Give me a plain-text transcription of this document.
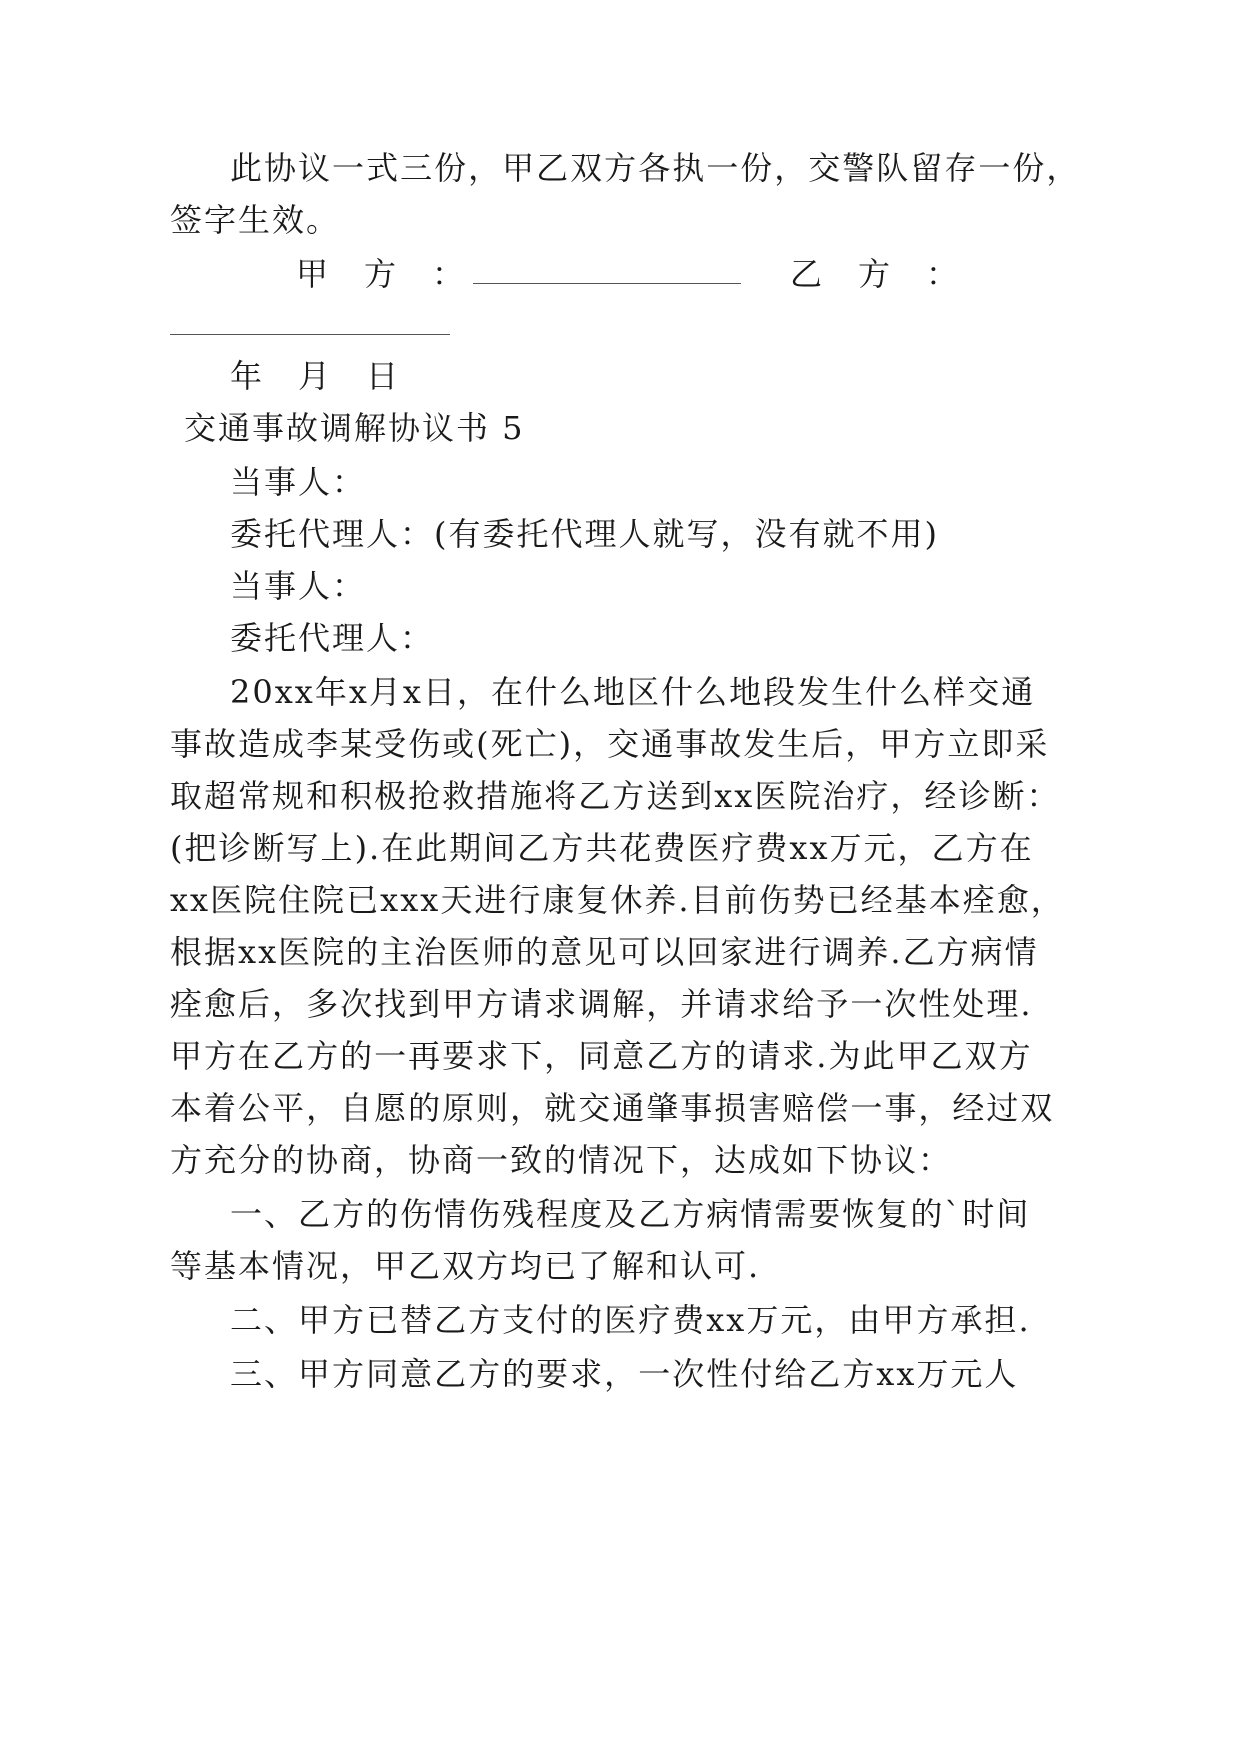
此 协 议 一 式 三 份 ， 甲 乙 双 方 各 执 一 份 ， 交 警 队 留 存 一 份 ，
签字生效。
甲　方　：	乙　方　：
年　月　日
交通事故调解协议书 5
当事人：
委托代理人：(有委托代理人就写，没有就不用)
当事人：
委托代理人：
20xx 年 x 月 x 日 ， 在 什 么 地 区 什 么 地 段 发 生 什 么 样 交 通
事 故 造 成 李 某 受 伤 或 ( 死 亡 ) ， 交 通 事 故 发 生 后 ， 甲 方 立 即 采
取 超 常 规 和 积 极 抢 救 措 施 将 乙 方 送 到 xx 医 院 治 疗 ， 经 诊 断 ：
( 把 诊 断 写 上 ) . 在 此 期 间 乙 方 共 花 费 医 疗 费 xx 万 元 ， 乙 方 在
xx 医 院 住 院 已 xxx 天 进 行 康 复 休 养 . 目 前 伤 势 已 经 基 本 痊 愈 ，
根 据 xx 医 院 的 主 治 医 师 的 意 见 可 以 回 家 进 行 调 养 . 乙 方 病 情
痊 愈 后 ， 多 次 找 到 甲 方 请 求 调 解 ， 并 请 求 给 予 一 次 性 处 理 .
甲 方 在 乙 方 的 一 再 要 求 下 ， 同 意 乙 方 的 请 求 . 为 此 甲 乙 双 方
本 着 公 平 ， 自 愿 的 原 则 ， 就 交 通 肇 事 损 害 赔 偿 一 事 ， 经 过 双
方充分的协商，协商一致的情况下，达成如下协议：
一 、 乙 方 的 伤 情 伤 残 程 度 及 乙 方 病 情 需 要 恢 复 的 ` 时 间
等基本情况，甲乙双方均已了解和认可.
二 、 甲 方 已 替 乙 方 支 付 的 医 疗 费 xx 万 元 ， 由 甲 方 承 担 .
三 、 甲 方 同 意 乙 方 的 要 求 ， 一 次 性 付 给 乙 方 xx 万 元 人
